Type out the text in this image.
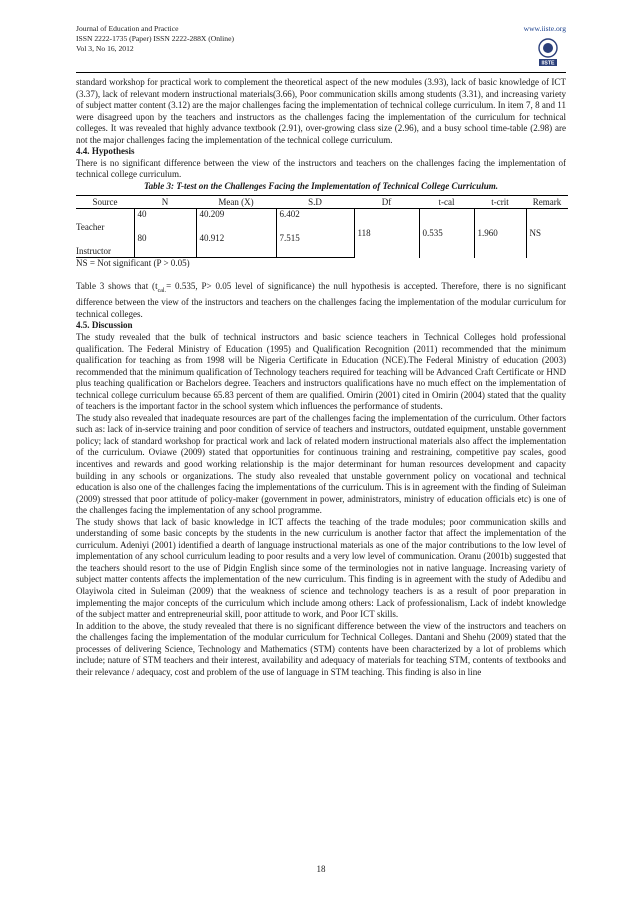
Journal of Education and Practice
ISSN 2222-1735 (Paper) ISSN 2222-288X (Online)
Vol 3, No 16, 2012
www.iiste.org
IISTE

standard workshop for practical work to complement the theoretical aspect of the new modules (3.93), lack of basic knowledge of ICT (3.37), lack of relevant modern instructional materials(3.66), Poor communication skills among students (3.31), and increasing variety of subject matter content (3.12) are the major challenges facing the implementation of technical college curriculum. In item 7, 8 and 11 were disagreed upon by the teachers and instructors as the challenges facing the implementation of the curriculum for technical colleges. It was revealed that highly advance textbook (2.91), over-growing class size (2.96), and a busy school time-table (2.98) are not the major challenges facing the implementation of the technical college curriculum.

4.4. Hypothesis

There is no significant difference between the view of the instructors and teachers on the challenges facing the implementation of technical college curriculum.

Table 3: T-test on the Challenges Facing the Implementation of Technical College Curriculum.

Source	N	Mean (X)	S.D	Df	t-cal	t-crit	Remark
Teacher	40	40.209	6.402	118	0.535	1.960	NS
Instructor	80	40.912	7.515				

NS = Not significant (P > 0.05)

Table 3 shows that ($t_{cal.}= 0.535$, P> 0.05 level of significance) the null hypothesis is accepted. Therefore, there is no significant difference between the view of the instructors and teachers on the challenges facing the implementation of the modular curriculum for technical colleges.

4.5. Discussion

The study revealed that the bulk of technical instructors and basic science teachers in Technical Colleges hold professional qualification. The Federal Ministry of Education (1995) and Qualification Recognition (2011) recommended that the minimum qualification for teaching as from 1998 will be Nigeria Certificate in Education (NCE).The Federal Ministry of education (2003) recommended that the minimum qualification of Technology teachers required for teaching will be Advanced Craft Certificate or HND plus teaching qualification or Bachelors degree. Teachers and instructors qualifications have no much effect on the implementation of technical college curriculum because 65.83 percent of them are qualified. Omirin (2001) cited in Omirin (2004) stated that the quality of teachers is the important factor in the school system which influences the performance of students.

The study also revealed that inadequate resources are part of the challenges facing the implementation of the curriculum. Other factors such as: lack of in-service training and poor condition of service of teachers and instructors, outdated equipment, unstable government policy; lack of standard workshop for practical work and lack of related modern instructional materials also affect the implementation of the curriculum. Oviawe (2009) stated that opportunities for continuous training and restraining, competitive pay scales, good incentives and rewards and good working relationship is the major determinant for human resources development and capacity building in any schools or organizations. The study also revealed that unstable government policy on vocational and technical education is also one of the challenges facing the implementations of the curriculum. This is in agreement with the finding of Suleiman (2009) stressed that poor attitude of policy-maker (government in power, administrators, ministry of education officials etc) is one of the challenges facing the implementation of any school programme.

The study shows that lack of basic knowledge in ICT affects the teaching of the trade modules; poor communication skills and understanding of some basic concepts by the students in the new curriculum is another factor that affect the implementation of the curriculum. Adeniyi (2001) identified a dearth of language instructional materials as one of the major contributions to the low level of implementation of any school curriculum leading to poor results and a very low level of communication. Oranu (2001b) suggested that the teachers should resort to the use of Pidgin English since some of the terminologies not in native language. Increasing variety of subject matter contents affects the implementation of the new curriculum. This finding is in agreement with the study of Adedibu and Olayiwola cited in Suleiman (2009) that the weakness of science and technology teachers is as a result of poor preparation in implementing the major concepts of the curriculum which include among others: Lack of professionalism, Lack of indebt knowledge of the subject matter and entrepreneurial skill, poor attitude to work, and Poor ICT skills.

In addition to the above, the study revealed that there is no significant difference between the view of the instructors and teachers on the challenges facing the implementation of the modular curriculum for Technical Colleges. Dantani and Shehu (2009) stated that the processes of delivering Science, Technology and Mathematics (STM) contents have been characterized by a lot of problems which include; nature of STM teachers and their interest, availability and adequacy of materials for teaching STM, contents of textbooks and their relevance / adequacy, cost and problem of the use of language in STM teaching. This finding is also in line

18
